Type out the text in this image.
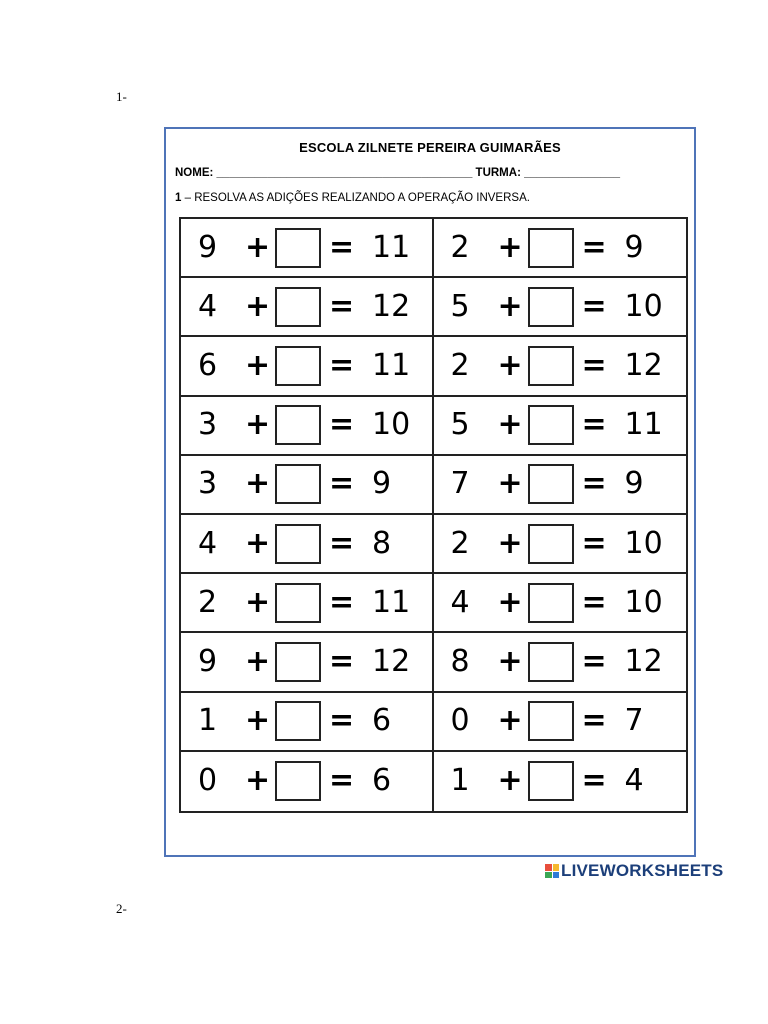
1-
ESCOLA ZILNETE PEREIRA GUIMARÃES
NOME: ________________________________________ TURMA: _______________
1 – RESOLVA AS ADIÇÕES REALIZANDO A OPERAÇÃO INVERSA.
9 + = 11 2 + = 9
4 + = 12 5 + = 10
6 + = 11 2 + = 12
3 + = 10 5 + = 11
3 + = 9 7 + = 9
4 + = 8 2 + = 10
2 + = 11 4 + = 10
9 + = 12 8 + = 12
1 + = 6 0 + = 7
0 + = 6 1 + = 4
LIVEWORKSHEETS
2-
